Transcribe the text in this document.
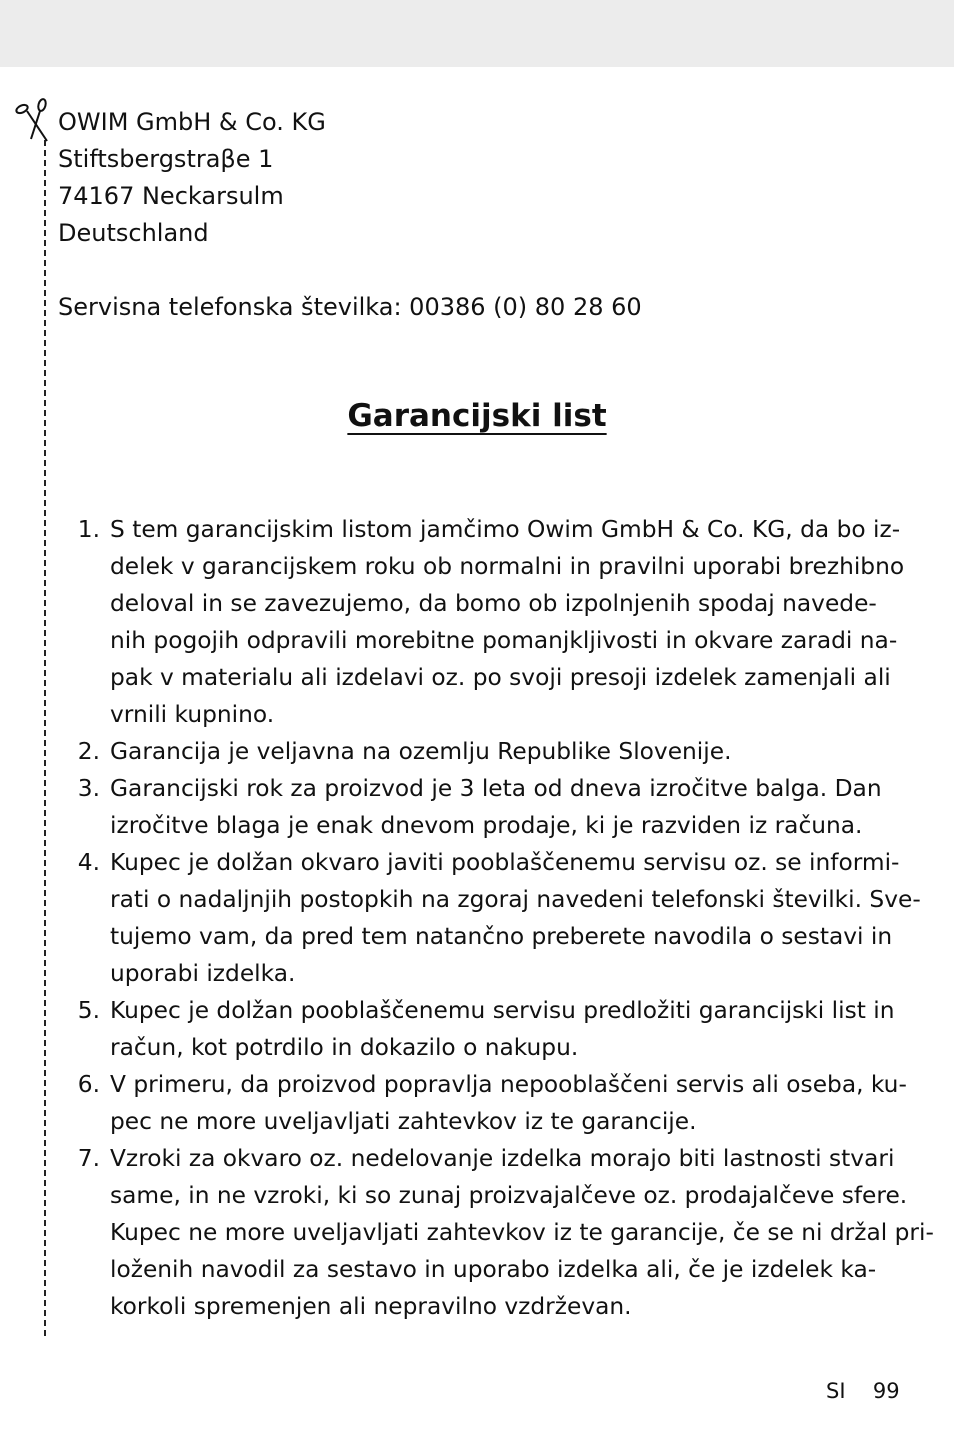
OWIM GmbH & Co. KG
Stiftsbergstraβe 1
74167 Neckarsulm
Deutschland
Servisna telefonska številka: 00386 (0) 80 28 60
Garancijski list
1. S tem garancijskim listom jamčimo Owim GmbH & Co. KG, da bo iz-
delek v garancijskem roku ob normalni in pravilni uporabi brezhibno
deloval in se zavezujemo, da bomo ob izpolnjenih spodaj navede-
nih pogojih odpravili morebitne pomanjkljivosti in okvare zaradi na-
pak v materialu ali izdelavi oz. po svoji presoji izdelek zamenjali ali
vrnili kupnino.
2. Garancija je veljavna na ozemlju Republike Slovenije.
3. Garancijski rok za proizvod je 3 leta od dneva izročitve balga. Dan
izročitve blaga je enak dnevom prodaje, ki je razviden iz računa.
4. Kupec je dolžan okvaro javiti pooblaščenemu servisu oz. se informi-
rati o nadaljnjih postopkih na zgoraj navedeni telefonski številki. Sve-
tujemo vam, da pred tem natančno preberete navodila o sestavi in
uporabi izdelka.
5. Kupec je dolžan pooblaščenemu servisu predložiti garancijski list in
račun, kot potrdilo in dokazilo o nakupu.
6. V primeru, da proizvod popravlja nepooblaščeni servis ali oseba, ku-
pec ne more uveljavljati zahtevkov iz te garancije.
7. Vzroki za okvaro oz. nedelovanje izdelka morajo biti lastnosti stvari
same, in ne vzroki, ki so zunaj proizvajalčeve oz. prodajalčeve sfere.
Kupec ne more uveljavljati zahtevkov iz te garancije, če se ni držal pri-
loženih navodil za sestavo in uporabo izdelka ali, če je izdelek ka-
korkoli spremenjen ali nepravilno vzdrževan.
SI 99
